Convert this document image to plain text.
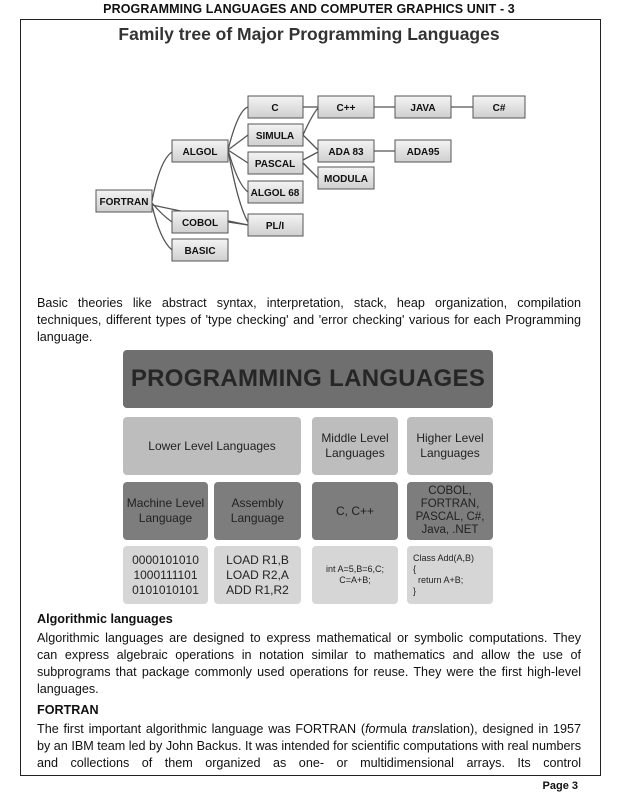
PROGRAMMING LANGUAGES AND COMPUTER GRAPHICS UNIT - 3
Family tree of Major Programming Languages
FORTRAN
ALGOL
COBOL
BASIC
C
SIMULA
PASCAL
ALGOL 68
PL/I
C++
ADA 83
MODULA
JAVA
ADA95
C#
Basic theories like abstract syntax, interpretation, stack, heap organization, compilation techniques, different types of 'type checking' and 'error checking' various for each Programming language.
PROGRAMMING LANGUAGES
Lower Level Languages
Middle Level Languages
Higher Level Languages
Machine Level Language
Assembly Language
C, C++
COBOL, FORTRAN, PASCAL, C#, Java, .NET
0000101010
1000111101
0101010101
LOAD R1,B
LOAD R2,A
ADD R1,R2
int A=5,B=6,C;
C=A+B;
Class Add(A,B)
{
return A+B;
}
Algorithmic languages
Algorithmic languages are designed to express mathematical or symbolic computations. They can express algebraic operations in notation similar to mathematics and allow the use of subprograms that package commonly used operations for reuse. They were the first high-level languages.
FORTRAN
The first important algorithmic language was FORTRAN (formula translation), designed in 1957 by an IBM team led by John Backus. It was intended for scientific computations with real numbers and collections of them organized as one- or multidimensional arrays. Its control
Page 3
